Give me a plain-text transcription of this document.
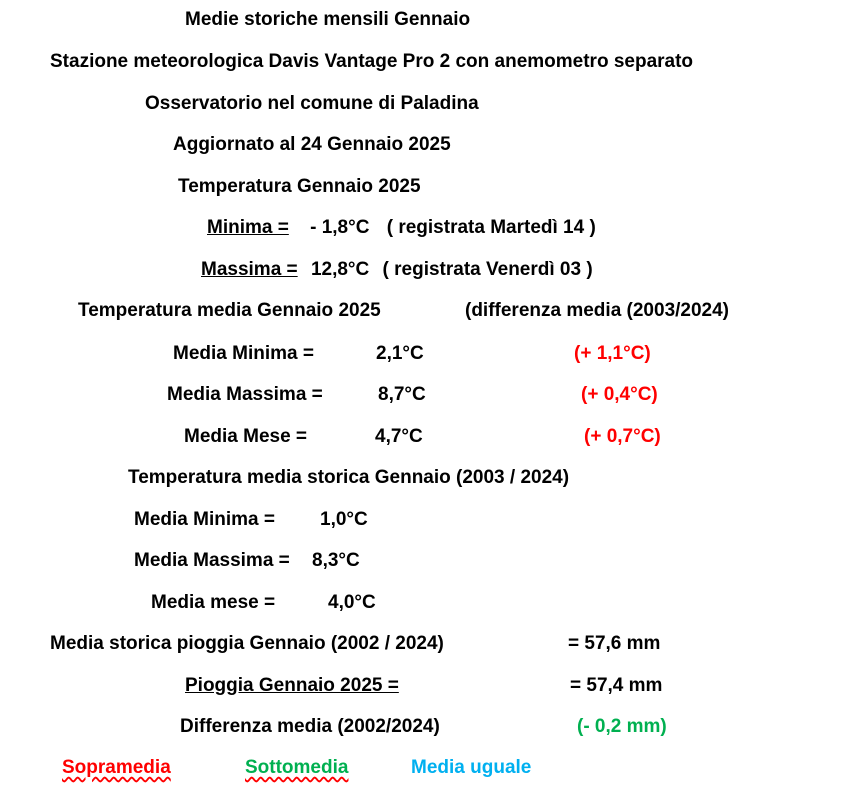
Medie storiche mensili Gennaio
Stazione meteorologica Davis Vantage Pro 2 con anemometro separato
Osservatorio nel comune di Paladina
Aggiornato al 24 Gennaio 2025
Temperatura Gennaio 2025
Minima = - 1,8°C ( registrata Martedì 14 )
Massima = 12,8°C ( registrata Venerdì 03 )
Temperatura media Gennaio 2025	(differenza media (2003/2024)
Media Minima =	2,1°C	(+ 1,1°C)
Media Massima =	8,7°C	(+ 0,4°C)
Media Mese =	4,7°C	(+ 0,7°C)
Temperatura media storica Gennaio (2003 / 2024)
Media Minima = 1,0°C
Media Massima = 8,3°C
Media mese =	4,0°C
Media storica pioggia Gennaio (2002 / 2024)	= 57,6 mm
Pioggia Gennaio 2025 =	= 57,4 mm
Differenza media (2002/2024)	(- 0,2 mm)
Sopramedia	Sottomedia	Media uguale
